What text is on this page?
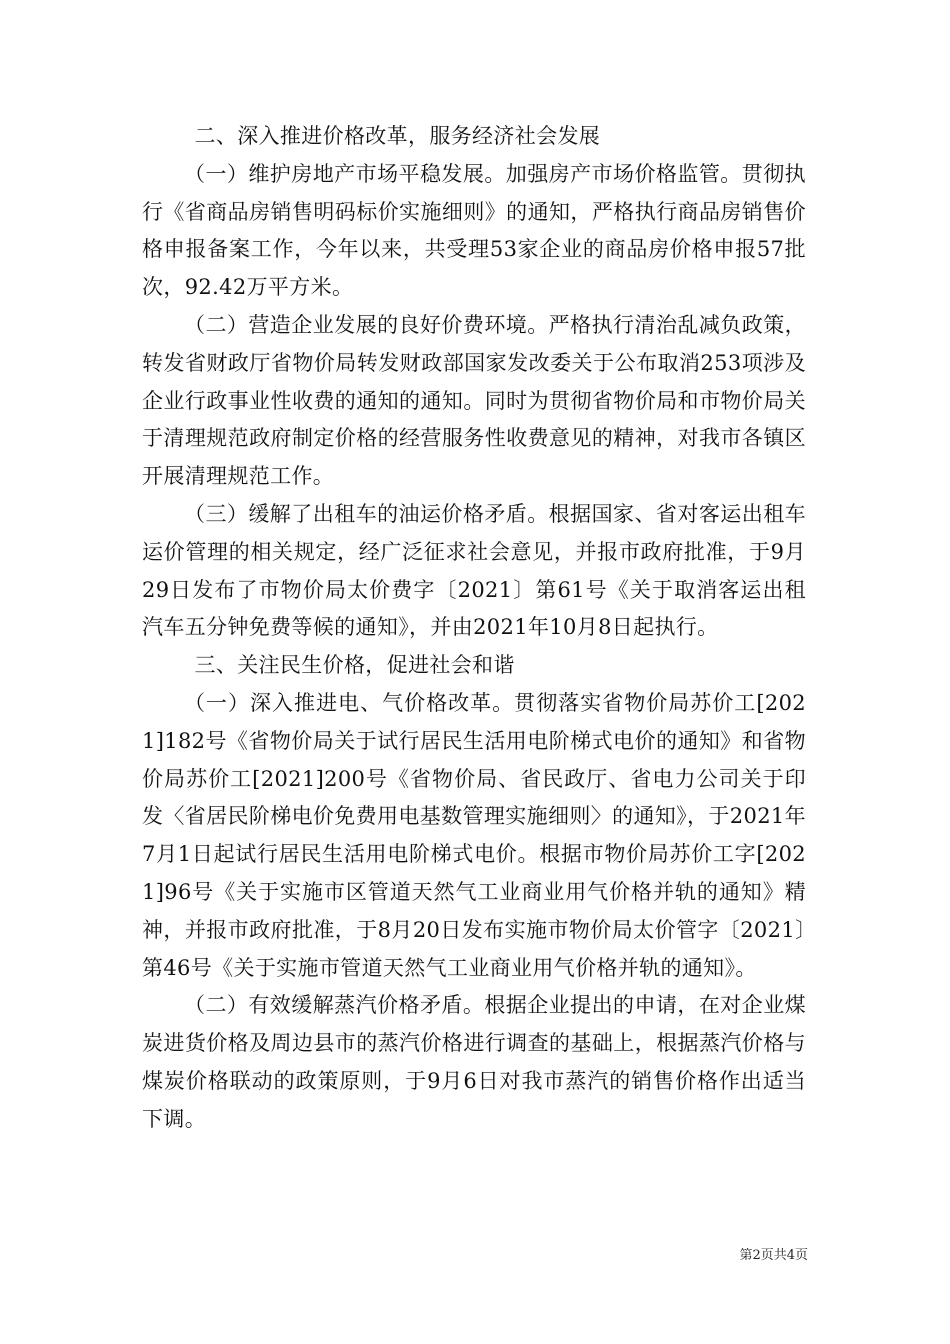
二、深入推进价格改革，服务经济社会发展

（一）维护房地产市场平稳发展。加强房产市场价格监管。贯彻执行《省商品房销售明码标价实施细则》的通知，严格执行商品房销售价格申报备案工作，今年以来，共受理53家企业的商品房价格申报57批次，92.42万平方米。

（二）营造企业发展的良好价费环境。严格执行清治乱减负政策，转发省财政厅省物价局转发财政部国家发改委关于公布取消253项涉及企业行政事业性收费的通知的通知。同时为贯彻省物价局和市物价局关于清理规范政府制定价格的经营服务性收费意见的精神，对我市各镇区开展清理规范工作。

（三）缓解了出租车的油运价格矛盾。根据国家、省对客运出租车运价管理的相关规定，经广泛征求社会意见，并报市政府批准，于9月29日发布了市物价局太价费字〔2021〕第61号《关于取消客运出租汽车五分钟免费等候的通知》，并由2021年10月8日起执行。

三、关注民生价格，促进社会和谐

（一）深入推进电、气价格改革。贯彻落实省物价局苏价工[2021]182号《省物价局关于试行居民生活用电阶梯式电价的通知》和省物价局苏价工[2021]200号《省物价局、省民政厅、省电力公司关于印发〈省居民阶梯电价免费用电基数管理实施细则〉的通知》，于2021年7月1日起试行居民生活用电阶梯式电价。根据市物价局苏价工字[2021]96号《关于实施市区管道天然气工业商业用气价格并轨的通知》精神，并报市政府批准，于8月20日发布实施市物价局太价管字〔2021〕第46号《关于实施市管道天然气工业商业用气价格并轨的通知》。

（二）有效缓解蒸汽价格矛盾。根据企业提出的申请，在对企业煤炭进货价格及周边县市的蒸汽价格进行调查的基础上，根据蒸汽价格与煤炭价格联动的政策原则，于9月6日对我市蒸汽的销售价格作出适当下调。

第2页共4页
